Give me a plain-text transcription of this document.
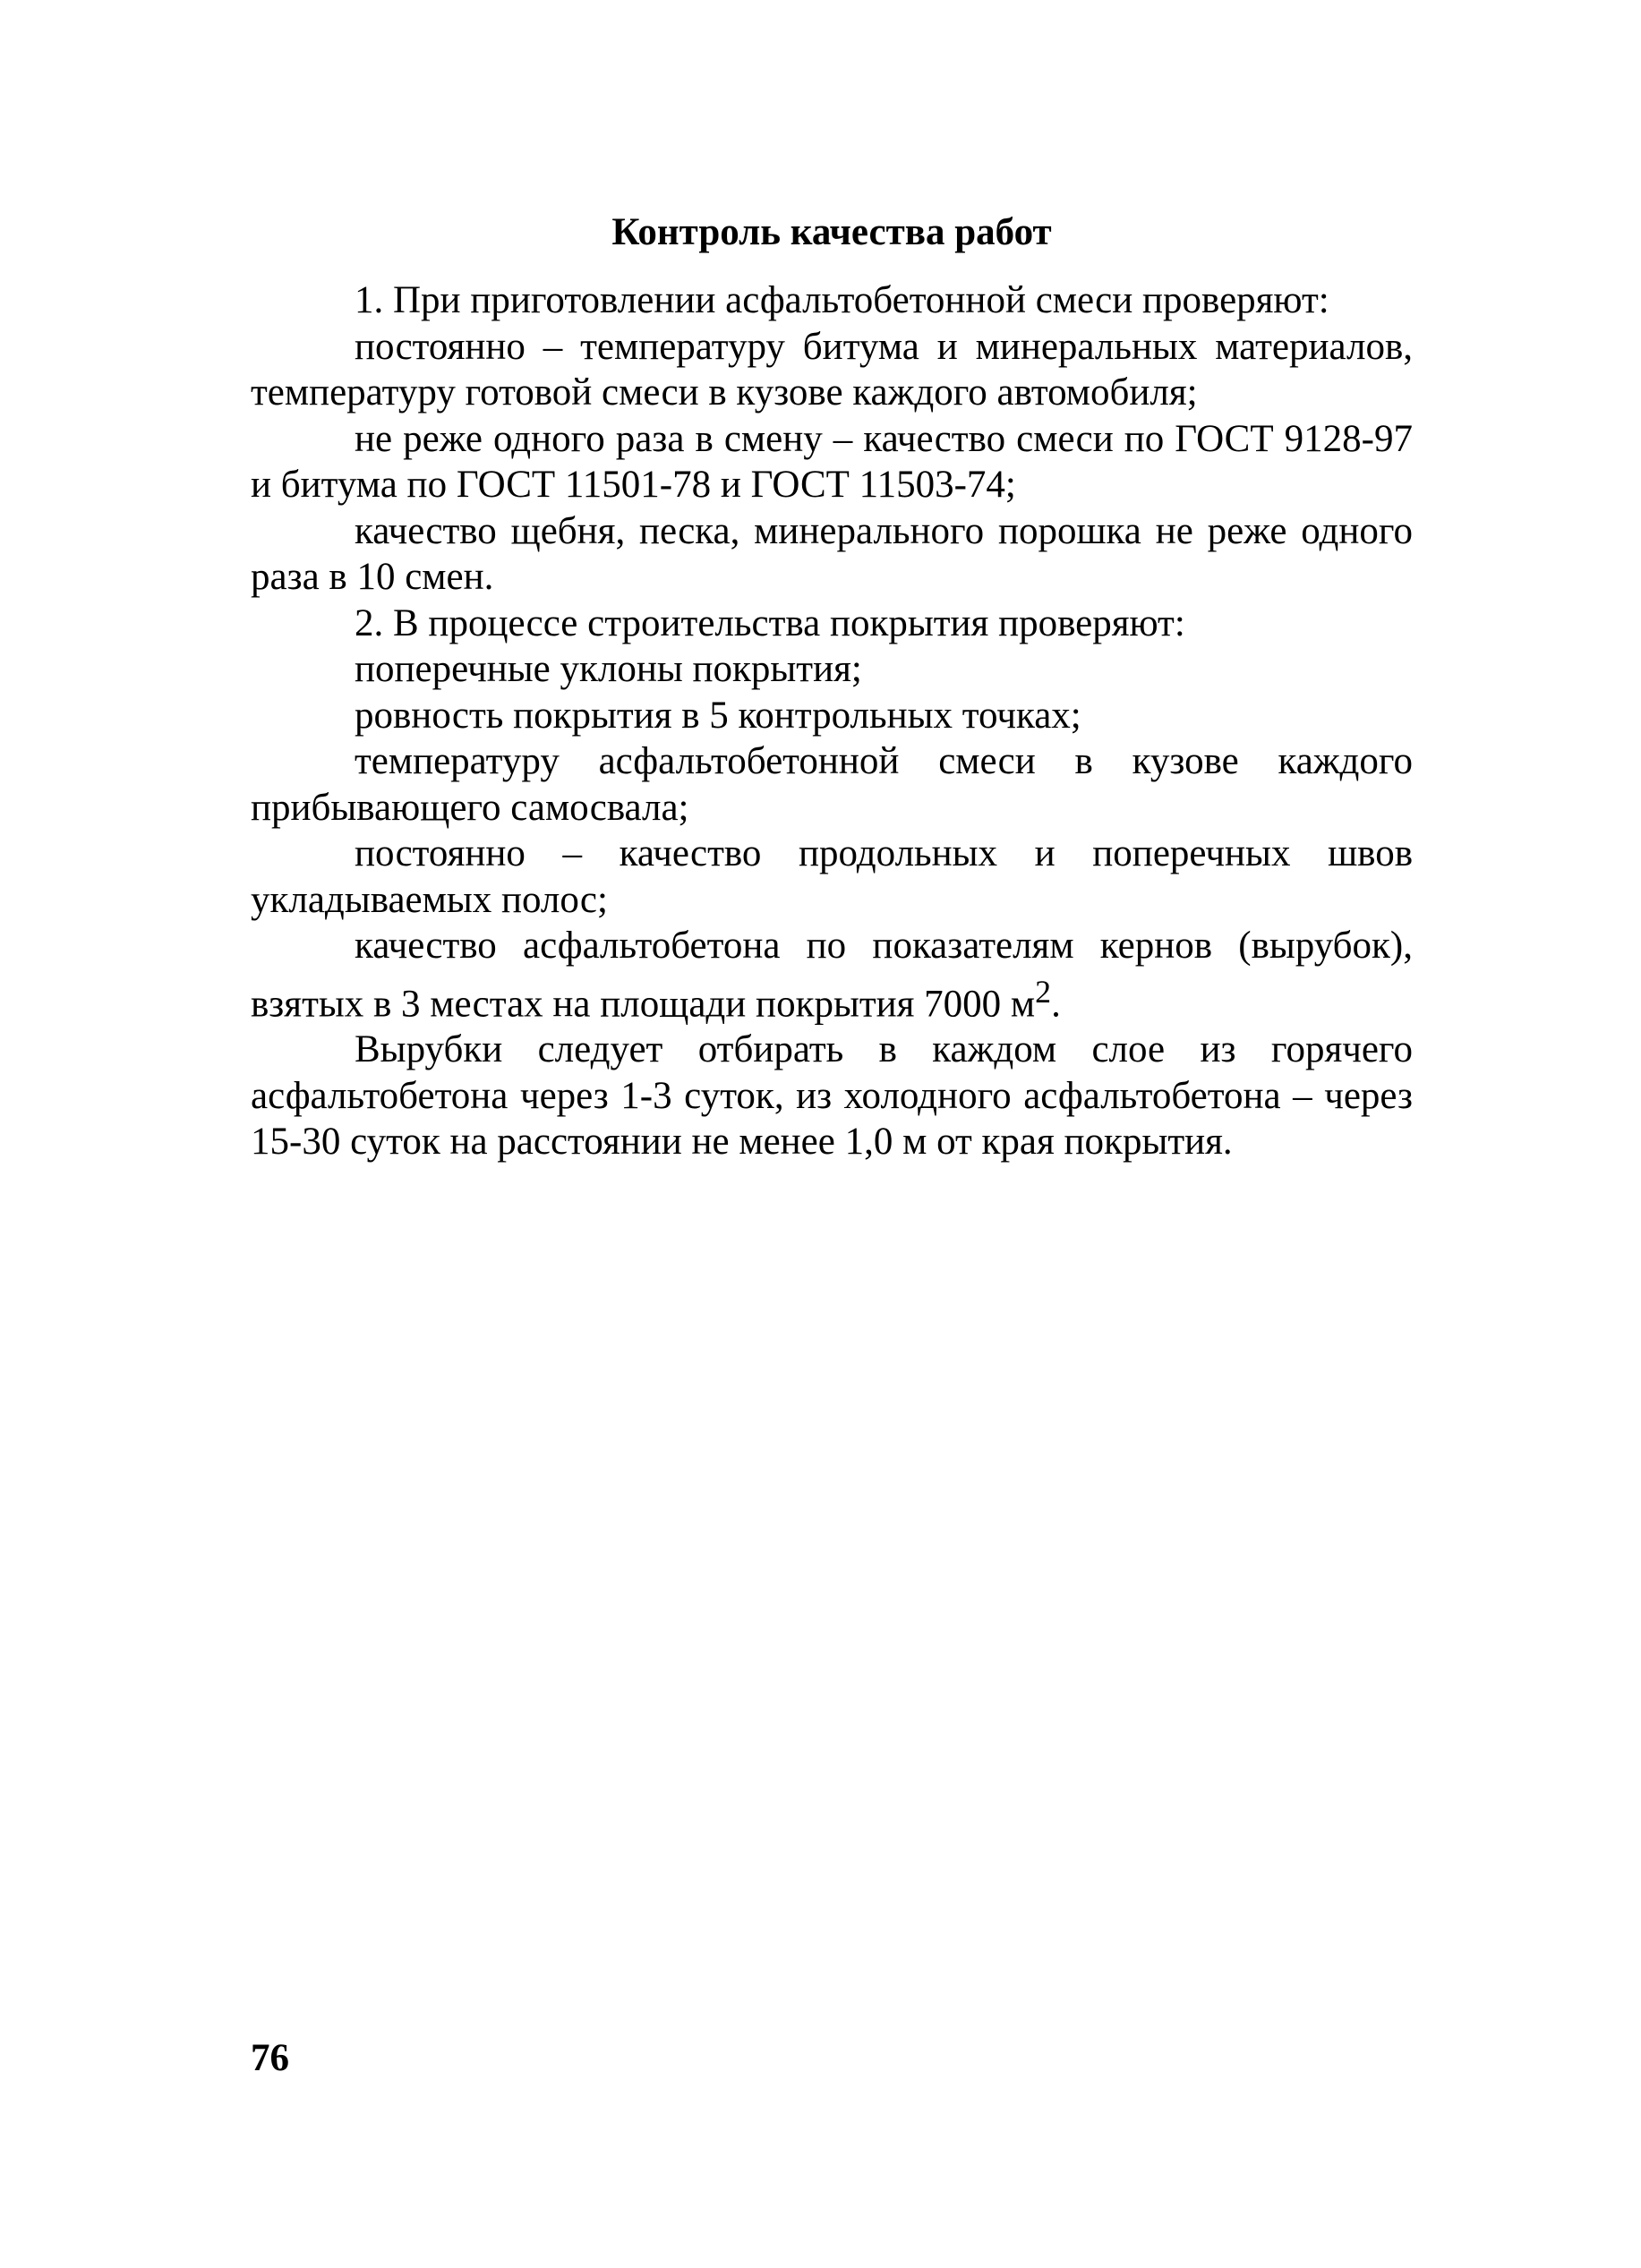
Контроль качества работ

1. При приготовлении асфальтобетонной смеси проверяют:

постоянно – температуру битума и минеральных материалов, температуру готовой смеси в кузове каждого автомобиля;

не реже одного раза в смену – качество смеси по ГОСТ 9128-97 и битума по ГОСТ 11501-78 и ГОСТ 11503-74;

качество щебня, песка, минерального порошка не реже одного раза в 10 смен.

2. В процессе строительства покрытия проверяют:

поперечные уклоны покрытия;

ровность покрытия в 5 контрольных точках;

температуру асфальтобетонной смеси в кузове каждого прибывающего самосвала;

постоянно – качество продольных и поперечных швов укладываемых полос;

качество асфальтобетона по показателям кернов (вырубок), взятых в 3 местах на площади покрытия 7000 $м^2$.

Вырубки следует отбирать в каждом слое из горячего асфальтобетона через 1-3 суток, из холодного асфальтобетона – через 15-30 суток на расстоянии не менее 1,0 м от края покрытия.

76
